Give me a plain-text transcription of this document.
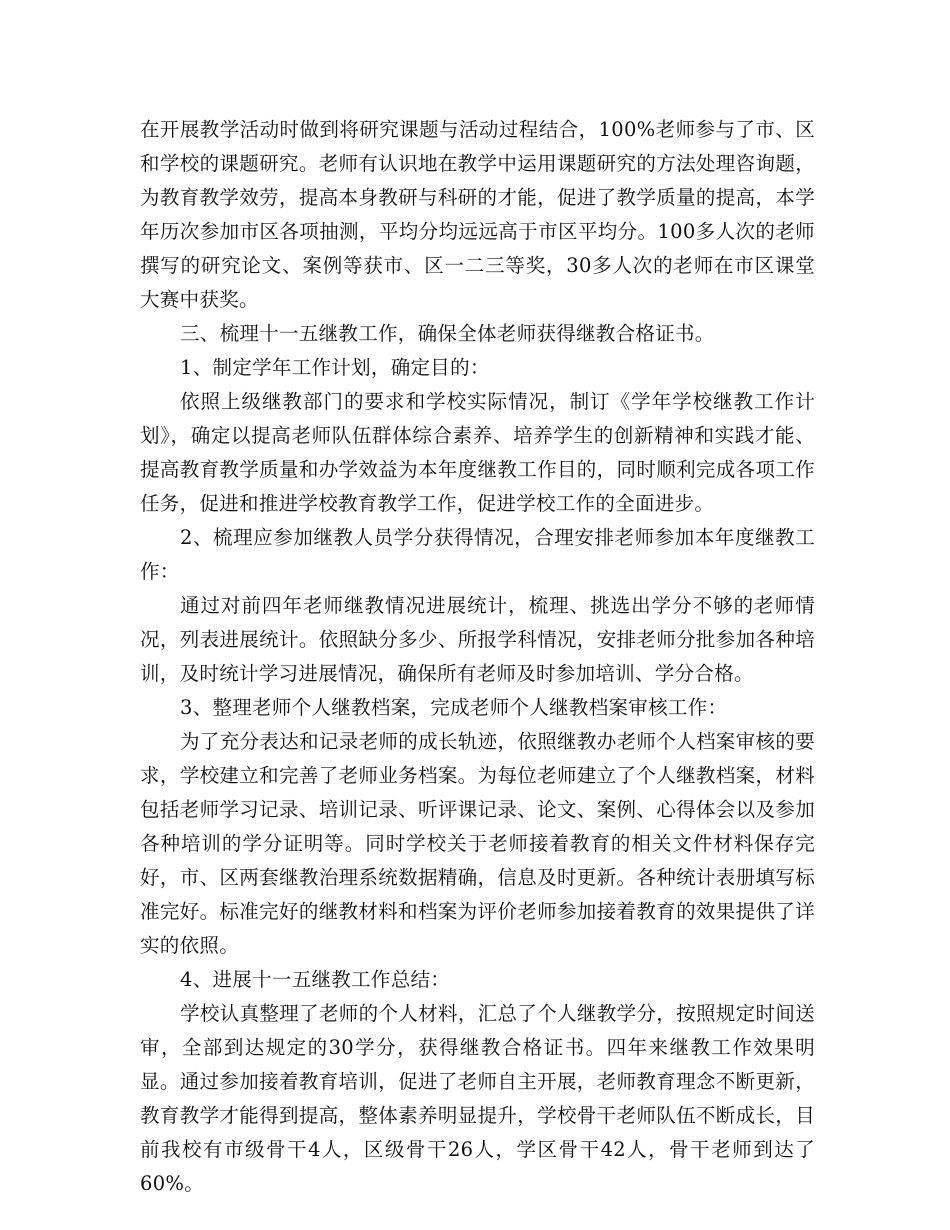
在开展教学活动时做到将研究课题与活动过程结合，100%老师参与了市、区和学校的课题研究。老师有认识地在教学中运用课题研究的方法处理咨询题，为教育教学效劳，提高本身教研与科研的才能，促进了教学质量的提高，本学年历次参加市区各项抽测，平均分均远远高于市区平均分。100多人次的老师撰写的研究论文、案例等获市、区一二三等奖，30多人次的老师在市区课堂大赛中获奖。

三、梳理十一五继教工作，确保全体老师获得继教合格证书。

1、制定学年工作计划，确定目的：

依照上级继教部门的要求和学校实际情况，制订《学年学校继教工作计划》，确定以提高老师队伍群体综合素养、培养学生的创新精神和实践才能、提高教育教学质量和办学效益为本年度继教工作目的，同时顺利完成各项工作任务，促进和推进学校教育教学工作，促进学校工作的全面进步。

2、梳理应参加继教人员学分获得情况，合理安排老师参加本年度继教工作：

通过对前四年老师继教情况进展统计，梳理、挑选出学分不够的老师情况，列表进展统计。依照缺分多少、所报学科情况，安排老师分批参加各种培训，及时统计学习进展情况，确保所有老师及时参加培训、学分合格。

3、整理老师个人继教档案，完成老师个人继教档案审核工作：

为了充分表达和记录老师的成长轨迹，依照继教办老师个人档案审核的要求，学校建立和完善了老师业务档案。为每位老师建立了个人继教档案，材料包括老师学习记录、培训记录、听评课记录、论文、案例、心得体会以及参加各种培训的学分证明等。同时学校关于老师接着教育的相关文件材料保存完好，市、区两套继教治理系统数据精确，信息及时更新。各种统计表册填写标准完好。标准完好的继教材料和档案为评价老师参加接着教育的效果提供了详实的依照。

4、进展十一五继教工作总结：

学校认真整理了老师的个人材料，汇总了个人继教学分，按照规定时间送审，全部到达规定的30学分，获得继教合格证书。四年来继教工作效果明显。通过参加接着教育培训，促进了老师自主开展，老师教育理念不断更新，教育教学才能得到提高，整体素养明显提升，学校骨干老师队伍不断成长，目前我校有市级骨干4人，区级骨干26人，学区骨干42人，骨干老师到达了60%。
